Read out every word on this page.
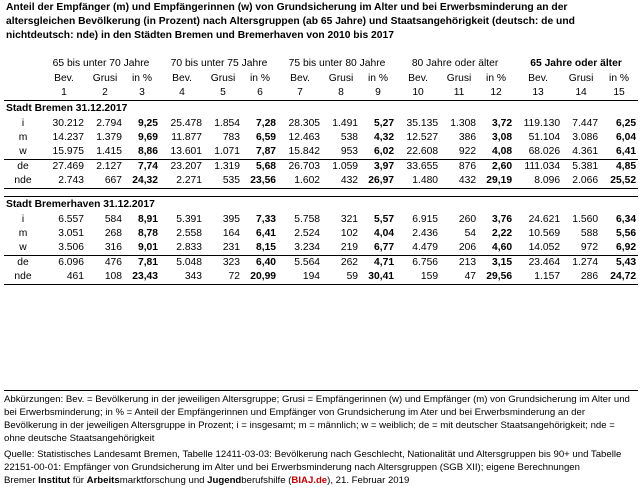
Anteil der Empfänger (m) und Empfängerinnen (w) von Grundsicherung im Alter und bei Erwerbsminderung an der altersgleichen Bevölkerung (in Prozent) nach Altersgruppen (ab 65 Jahre) und Staatsangehörigkeit (deutsch: de und nichtdeutsch: nde) in den Städten Bremen und Bremerhaven von 2010 bis 2017
	65 bis unter 70 Jahre			70 bis unter 75 Jahre			75 bis unter 80 Jahre			80 Jahre oder älter			65 Jahre oder älter		
	Bev.	Grusi	in %	Bev.	Grusi	in %	Bev.	Grusi	in %	Bev.	Grusi	in %	Bev.	Grusi	in %
	1	2	3	4	5	6	7	8	9	10	11	12	13	14	15
Stadt Bremen 31.12.2017															
i	30.212	2.794	9,25	25.478	1.854	7,28	28.305	1.491	5,27	35.135	1.308	3,72	119.130	7.447	6,25
m	14.237	1.379	9,69	11.877	783	6,59	12.463	538	4,32	12.527	386	3,08	51.104	3.086	6,04
w	15.975	1.415	8,86	13.601	1.071	7,87	15.842	953	6,02	22.608	922	4,08	68.026	4.361	6,41
de	27.469	2.127	7,74	23.207	1.319	5,68	26.703	1.059	3,97	33.655	876	2,60	111.034	5.381	4,85
nde	2.743	667	24,32	2.271	535	23,56	1.602	432	26,97	1.480	432	29,19	8.096	2.066	25,52

Stadt Bremerhaven 31.12.2017															
i	6.557	584	8,91	5.391	395	7,33	5.758	321	5,57	6.915	260	3,76	24.621	1.560	6,34
m	3.051	268	8,78	2.558	164	6,41	2.524	102	4,04	2.436	54	2,22	10.569	588	5,56
w	3.506	316	9,01	2.833	231	8,15	3.234	219	6,77	4.479	206	4,60	14.052	972	6,92
de	6.096	476	7,81	5.048	323	6,40	5.564	262	4,71	6.756	213	3,15	23.464	1.274	5,43
nde	461	108	23,43	343	72	20,99	194	59	30,41	159	47	29,56	1.157	286	24,72

Abkürzungen: Bev. = Bevölkerung in der jeweiligen Altersgruppe; Grusi = Empfängerinnen (w) und Empfänger (m) von Grundsicherung im Alter und bei Erwerbsminderung; in % = Anteil der Empfängerinnen und Empfänger von Grundsicherung im Ater und bei Erwerbsminderung an der Bevölkerung in der jeweiligen Altersgruppe in Prozent; i = insgesamt; m = männlich; w = weiblich; de = mit deutscher Staatsangehörigkeit; nde = ohne deutsche Staatsangehörigkeit

Quelle: Statistisches Landesamt Bremen, Tabelle 12411-03-03: Bevölkerung nach Geschlecht, Nationalität und Altersgruppen bis 90+ und Tabelle 22151-00-01: Empfänger von Grundsicherung im Alter und bei Erwerbsminderung nach Altersgruppen (SGB XII); eigene Berechnungen

Bremer Institut für Arbeitsmarktforschung und Jugendberufshilfe (BIAJ.de), 21. Februar 2019
